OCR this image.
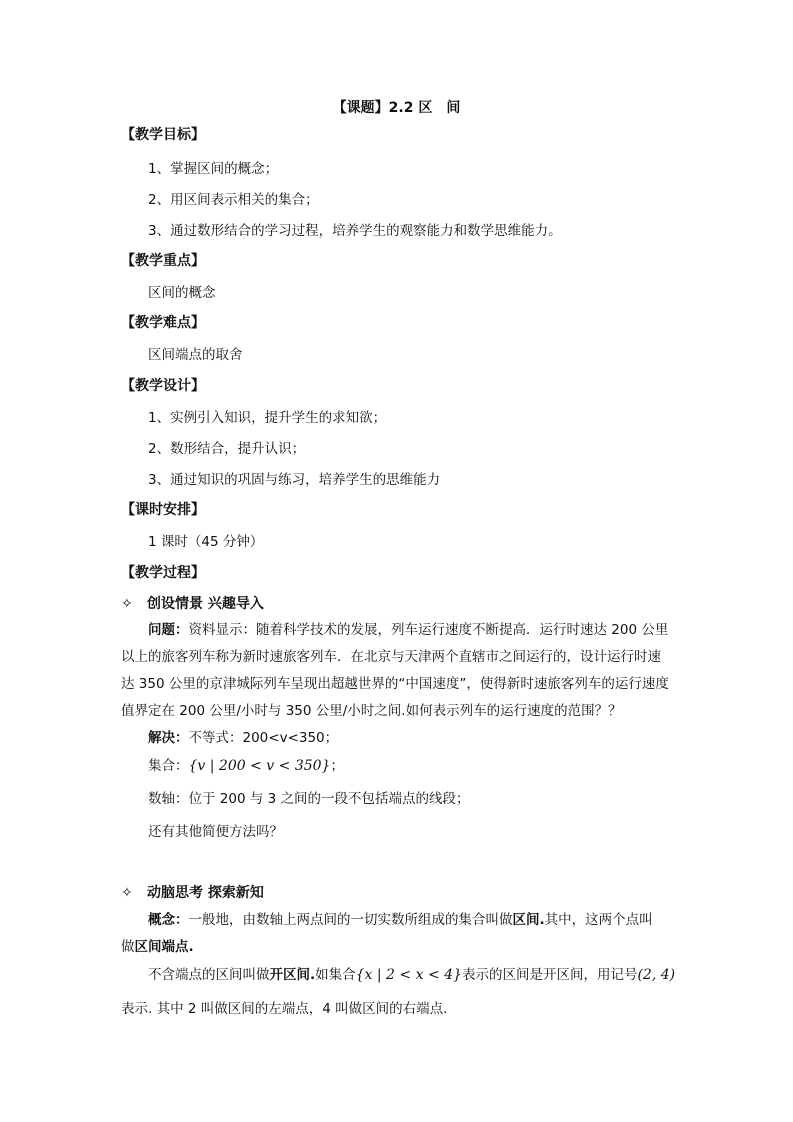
【课题】2.2 区　间
【教学目标】
1、掌握区间的概念；
2、用区间表示相关的集合；
3、通过数形结合的学习过程，培养学生的观察能力和数学思维能力。
【教学重点】
区间的概念
【教学难点】
区间端点的取舍
【教学设计】
1、实例引入知识，提升学生的求知欲；
2、数形结合，提升认识；
3、通过知识的巩固与练习，培养学生的思维能力
【课时安排】
1 课时（45 分钟）
【教学过程】
✧ 创设情景 兴趣导入
问题：资料显示：随着科学技术的发展，列车运行速度不断提高．运行时速达 200 公里
以上的旅客列车称为新时速旅客列车．在北京与天津两个直辖市之间运行的，设计运行时速
达 350 公里的京津城际列车呈现出超越世界的“中国速度”，使得新时速旅客列车的运行速度
值界定在 200 公里/小时与 350 公里/小时之间.如何表示列车的运行速度的范围？？
解决：不等式：200<v<350；
集合：{v | 200 < v < 350}；
数轴：位于 200 与 3 之间的一段不包括端点的线段；
还有其他简便方法吗？
✧ 动脑思考 探索新知
概念：一般地，由数轴上两点间的一切实数所组成的集合叫做区间.其中，这两个点叫
做区间端点.
不含端点的区间叫做开区间.如集合{x | 2 < x < 4}表示的区间是开区间，用记号(2, 4)
表示. 其中 2 叫做区间的左端点，4 叫做区间的右端点.
